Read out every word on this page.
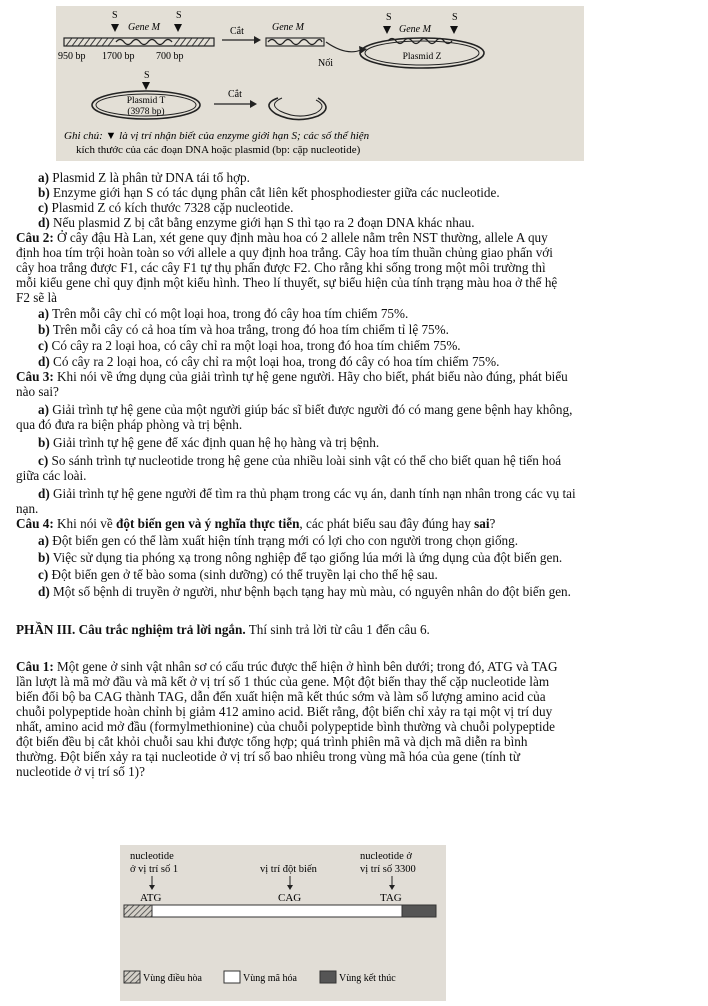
S	S
Gene M
950 bp 1700 bp 700 bp
Cắt	Gene M
Nối
S
Plasmid T
(3978 bp)
Cắt
S	S
Gene M
Plasmid Z
Ghi chú: ▼ là vị trí nhận biết của enzyme giới hạn S; các số thể hiện
kích thước của các đoạn DNA hoặc plasmid (bp: cặp nucleotide)
a) Plasmid Z là phân tử DNA tái tổ hợp.
b) Enzyme giới hạn S có tác dụng phân cắt liên kết phosphodiester giữa các nucleotide.
c) Plasmid Z có kích thước 7328 cặp nucleotide.
d) Nếu plasmid Z bị cắt bằng enzyme giới hạn S thì tạo ra 2 đoạn DNA khác nhau.
Câu 2: Ở cây đậu Hà Lan, xét gene quy định màu hoa có 2 allele nằm trên NST thường, allele A quy
định hoa tím trội hoàn toàn so với allele a quy định hoa trắng. Cây hoa tím thuần chủng giao phấn với
cây hoa trắng được F1, các cây F1 tự thụ phấn được F2. Cho rằng khi sống trong một môi trường thì
mỗi kiểu gene chỉ quy định một kiểu hình. Theo lí thuyết, sự biểu hiện của tính trạng màu hoa ở thế hệ
F2 sẽ là
a) Trên mỗi cây chỉ có một loại hoa, trong đó cây hoa tím chiếm 75%.
b) Trên mỗi cây có cả hoa tím và hoa trắng, trong đó hoa tím chiếm tỉ lệ 75%.
c) Có cây ra 2 loại hoa, có cây chỉ ra một loại hoa, trong đó hoa tím chiếm 75%.
d) Có cây ra 2 loại hoa, có cây chỉ ra một loại hoa, trong đó cây có hoa tím chiếm 75%.
Câu 3: Khi nói về ứng dụng của giải trình tự hệ gene người. Hãy cho biết, phát biểu nào đúng, phát biểu
nào sai?
a) Giải trình tự hệ gene của một người giúp bác sĩ biết được người đó có mang gene bệnh hay không,
qua đó đưa ra biện pháp phòng và trị bệnh.
b) Giải trình tự hệ gene để xác định quan hệ họ hàng và trị bệnh.
c) So sánh trình tự nucleotide trong hệ gene của nhiều loài sinh vật có thể cho biết quan hệ tiến hoá
giữa các loài.
d) Giải trình tự hệ gene người để tìm ra thủ phạm trong các vụ án, danh tính nạn nhân trong các vụ tai
nạn.
Câu 4: Khi nói về đột biến gen và ý nghĩa thực tiễn, các phát biểu sau đây đúng hay sai?
a) Đột biến gen có thể làm xuất hiện tính trạng mới có lợi cho con người trong chọn giống.
b) Việc sử dụng tia phóng xạ trong nông nghiệp để tạo giống lúa mới là ứng dụng của đột biến gen.
c) Đột biến gen ở tế bào soma (sinh dưỡng) có thể truyền lại cho thế hệ sau.
d) Một số bệnh di truyền ở người, như bệnh bạch tạng hay mù màu, có nguyên nhân do đột biến gen.
PHẦN III. Câu trắc nghiệm trả lời ngắn. Thí sinh trả lời từ câu 1 đến câu 6.
Câu 1: Một gene ở sinh vật nhân sơ có cấu trúc được thể hiện ở hình bên dưới; trong đó, ATG và TAG
lần lượt là mã mở đầu và mã kết ở vị trí số 1 thúc của gene. Một đột biến thay thế cặp nucleotide làm
biến đổi bộ ba CAG thành TAG, dẫn đến xuất hiện mã kết thúc sớm và làm số lượng amino acid của
chuỗi polypeptide hoàn chỉnh bị giảm 412 amino acid. Biết rằng, đột biến chỉ xảy ra tại một vị trí duy
nhất, amino acid mở đầu (formylmethionine) của chuỗi polypeptide bình thường và chuỗi polypeptide
đột biến đều bị cắt khỏi chuỗi sau khi được tổng hợp; quá trình phiên mã và dịch mã diễn ra bình
thường. Đột biến xảy ra tại nucleotide ở vị trí số bao nhiêu trong vùng mã hóa của gene (tính từ
nucleotide ở vị trí số 1)?
nucleotide
ở vị trí số 1	vị trí đột biến
nucleotide ở
vị trí số 3300
ATG	CAG	TAG
Vùng điều hòa	Vùng mã hóa	Vùng kết thúc
